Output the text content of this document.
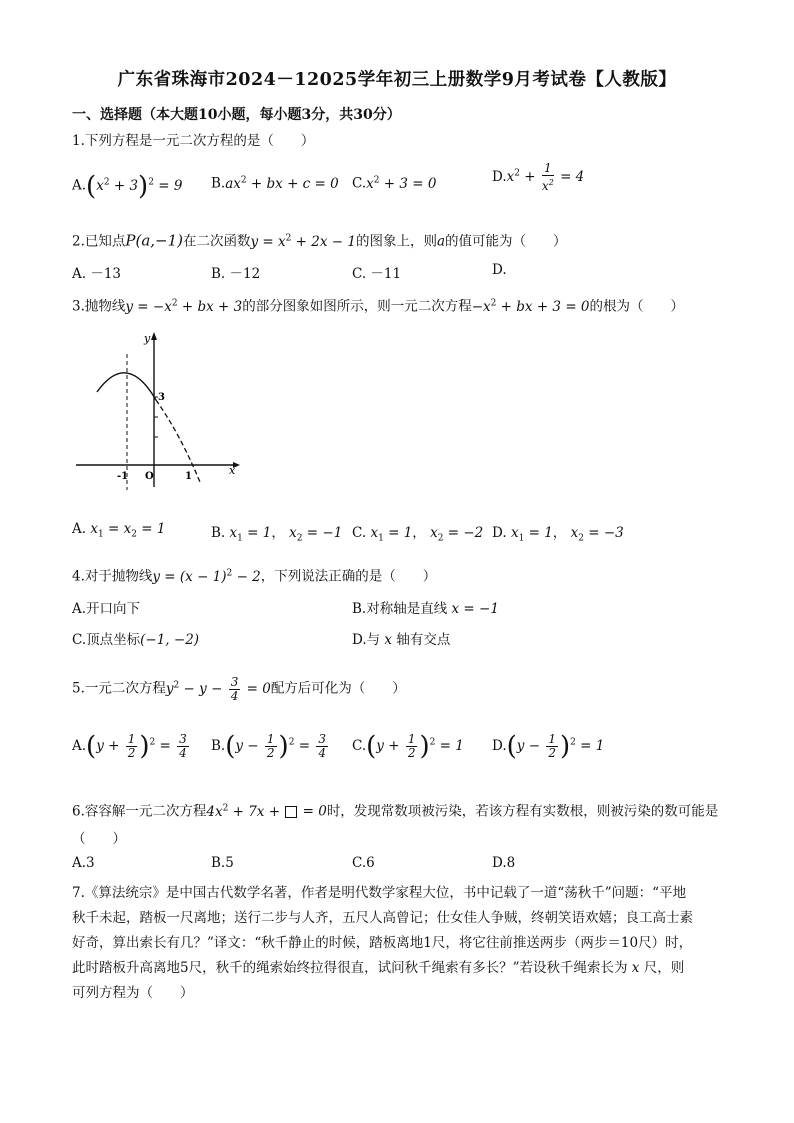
广东省珠海市2024－12025学年初三上册数学9月考试卷【人教版】
一、选择题（本大题10小题，每小题3分，共30分）
1.下列方程是一元二次方程的是（　　）
$A.(x^2 + 3)^2 = 9$ $B.ax^2$ + bx + c = 0 $C.x^2 + 3 = 0$	$D.x^2 + \frac{1}{x^2} = 4$
2.已知点P(a,−1)在二次函数$y = x^2 + 2x - 1$的图象上，则a的值可能为（　　）
A. －13	B. －12	C. －11	D.
3.抛物线$y = -x^2$ + bx + 3的部分图象如图所示，则一元二次方程$-x^2$ + bx + 3 = 0的根为（　　）
y
x
3
O
-1	1
A. $x_1 = x_2 = 1$	B. $x_1 = 1$， $x_2 = -1$ C. $x_1 = 1$， $x_2 = -2$ D. $x_1 = 1$， $x_2 = -3$
4.对于抛物线$y = (x - 1)^2 - 2$，下列说法正确的是（　　）
A.开口向下	B.对称轴是直线 x = −1
C.顶点坐标(−1, −2)	D.与 x 轴有交点
5.一元二次方程$y^2 - y - \frac{3}{4} = 0$配方后可化为（　　）
$A.(y + \frac{1}{2} )^2 = \frac{3}{4} B.(y - \frac{1}{2} )^2 = \frac{3}{4} C.(y + \frac{1}{2} )^2 = 1$ $D.(y - \frac{1}{2} )^2 = 1$
6.容容解一元二次方程$4x^2 + 7x$ +  = 0时，发现常数项被污染，若该方程有实数根，则被污染的数可能是
（　　）
A.3	B.5	C.6	D.8
7.《算法统宗》是中国古代数学名著，作者是明代数学家程大位，书中记载了一道“荡秋千”问题：“平地
秋千未起，踏板一尺离地；送行二步与人齐，五尺人高曾记；仕女佳人争贼，终朝笑语欢嬉；良工高士素
好奇，算出索长有几？”译文：“秋千静止的时候，踏板离地1尺，将它往前推送两步（两步＝10尺）时，
此时踏板升高离地5尺，秋千的绳索始终拉得很直，试问秋千绳索有多长？”若设秋千绳索长为 x 尺，则
可列方程为（　　）
